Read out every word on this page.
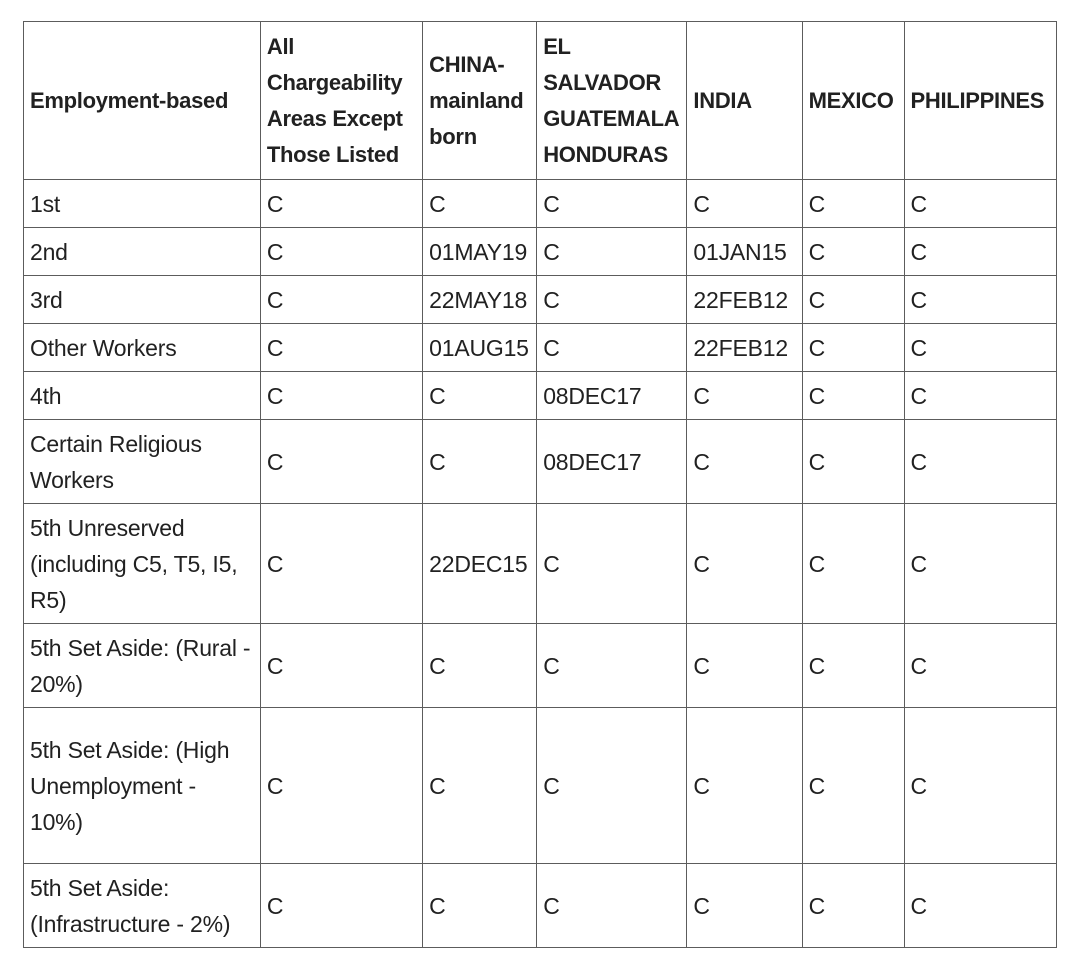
Employment-based	All Chargeability Areas Except Those Listed	CHINA-mainland born	EL SALVADOR GUATEMALA HONDURAS	INDIA	MEXICO	PHILIPPINES
1st	C	C	C	C	C	C
2nd	C	01MAY19	C	01JAN15	C	C
3rd	C	22MAY18	C	22FEB12	C	C
Other Workers	C	01AUG15	C	22FEB12	C	C
4th	C	C	08DEC17	C	C	C
Certain Religious Workers	C	C	08DEC17	C	C	C
5th Unreserved (including C5, T5, I5, R5)	C	22DEC15	C	C	C	C
5th Set Aside: (Rural - 20%)	C	C	C	C	C	C
5th Set Aside: (High Unemployment - 10%)	C	C	C	C	C	C
5th Set Aside: (Infrastructure - 2%)	C	C	C	C	C	C
